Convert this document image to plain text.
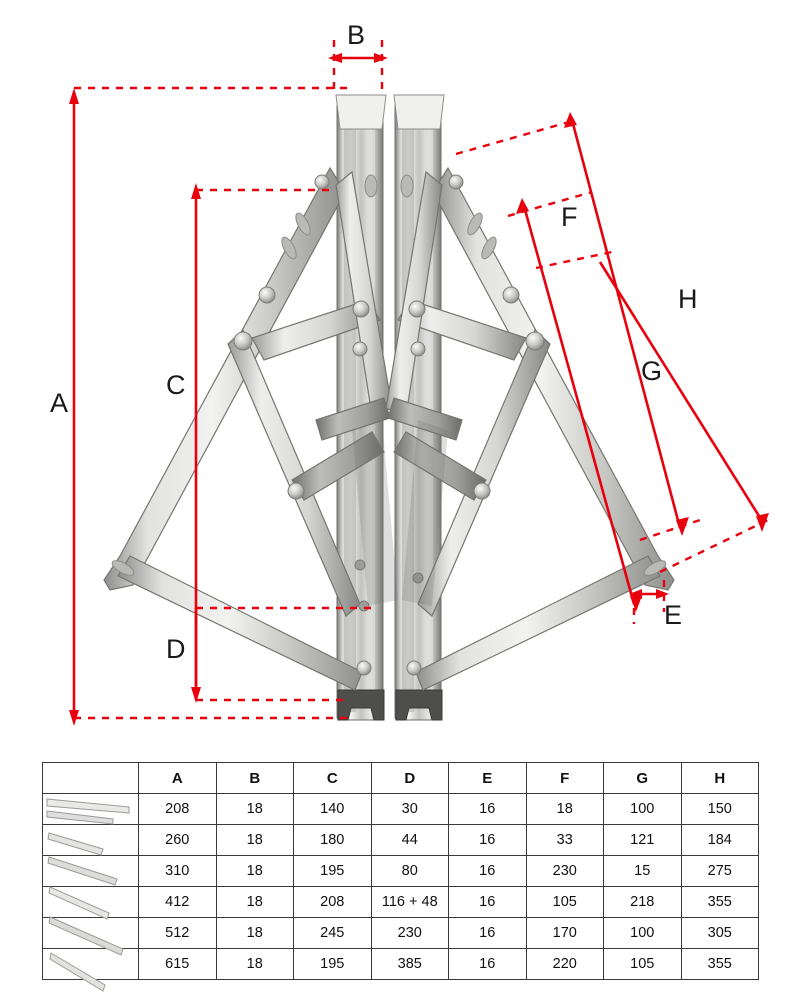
A
B
C
D
E
F
G
H
	A	B	C	D	E	F	G	H
	208	18	140	30	16	18	100	150
	260	18	180	44	16	33	121	184
	310	18	195	80	16	230	15	275
	412	18	208	116 + 48	16	105	218	355
	512	18	245	230	16	170	100	305
	615	18	195	385	16	220	105	355
